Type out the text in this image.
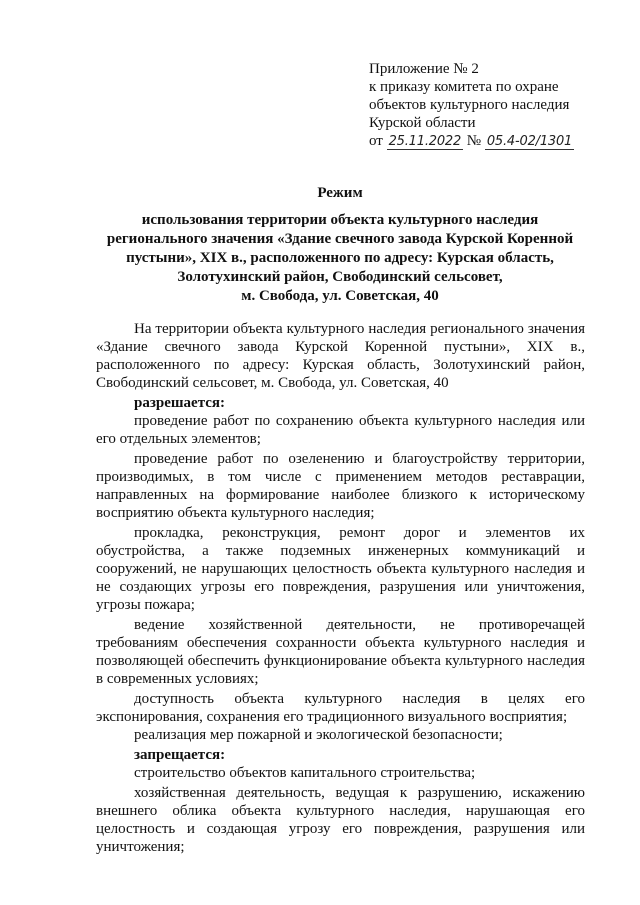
Приложение № 2
к приказу комитета по охране
объектов культурного наследия
Курской области
от 25.11.2022 № 05.4-02/1301
Режим
использования территории объекта культурного наследия
регионального значения «Здание свечного завода Курской Коренной
пустыни», XIX в., расположенного по адресу: Курская область,
Золотухинский район, Свободинский сельсовет,
м. Свобода, ул. Советская, 40

На территории объекта культурного наследия регионального значения «Здание свечного завода Курской Коренной пустыни», XIX в., расположенного по адресу: Курская область, Золотухинский район, Свободинский сельсовет, м. Свобода, ул. Советская, 40

разрешается:

проведение работ по сохранению объекта культурного наследия или его отдельных элементов;

проведение работ по озеленению и благоустройству территории, производимых, в том числе с применением методов реставрации, направленных на формирование наиболее близкого к историческому восприятию объекта культурного наследия;

прокладка, реконструкция, ремонт дорог и элементов их обустройства, а также подземных инженерных коммуникаций и сооружений, не нарушающих целостность объекта культурного наследия и не создающих угрозы его повреждения, разрушения или уничтожения, угрозы пожара;

ведение хозяйственной деятельности, не противоречащей требованиям обеспечения сохранности объекта культурного наследия и позволяющей обеспечить функционирование объекта культурного наследия в современных условиях;

доступность объекта культурного наследия в целях его экспонирования, сохранения его традиционного визуального восприятия;

реализация мер пожарной и экологической безопасности;

запрещается:

строительство объектов капитального строительства;

хозяйственная деятельность, ведущая к разрушению, искажению внешнего облика объекта культурного наследия, нарушающая его целостность и создающая угрозу его повреждения, разрушения или уничтожения;
